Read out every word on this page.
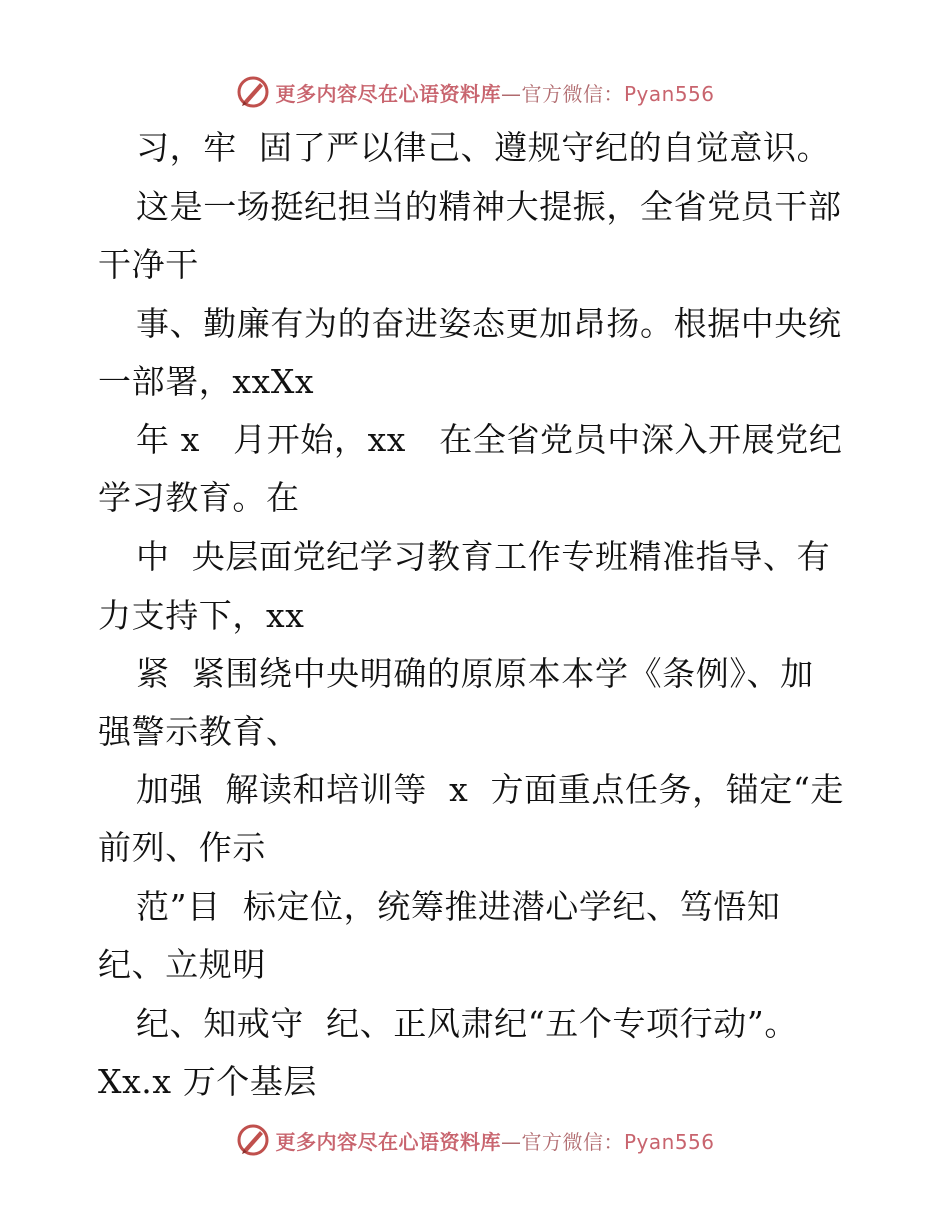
更多内容尽在心语资料库—官方微信：Pyan556
习，牢  固了严以律己、遵规守纪的自觉意识。
这是一场挺纪担当的精神大提振，全省党员干部
干净干
事、勤廉有为的奋进姿态更加昂扬。根据中央统
一部署，xxXx
年 x   月开始，xx   在全省党员中深入开展党纪
学习教育。在
中  央层面党纪学习教育工作专班精准指导、有
力支持下，xx
紧  紧围绕中央明确的原原本本学《条例》、加
强警示教育、
加强  解读和培训等  x  方面重点任务，锚定“走
前列、作示
范”目  标定位，统筹推进潜心学纪、笃悟知
纪、立规明
纪、知戒守  纪、正风肃纪“五个专项行动”。
Xx.x 万个基层
更多内容尽在心语资料库—官方微信：Pyan556
